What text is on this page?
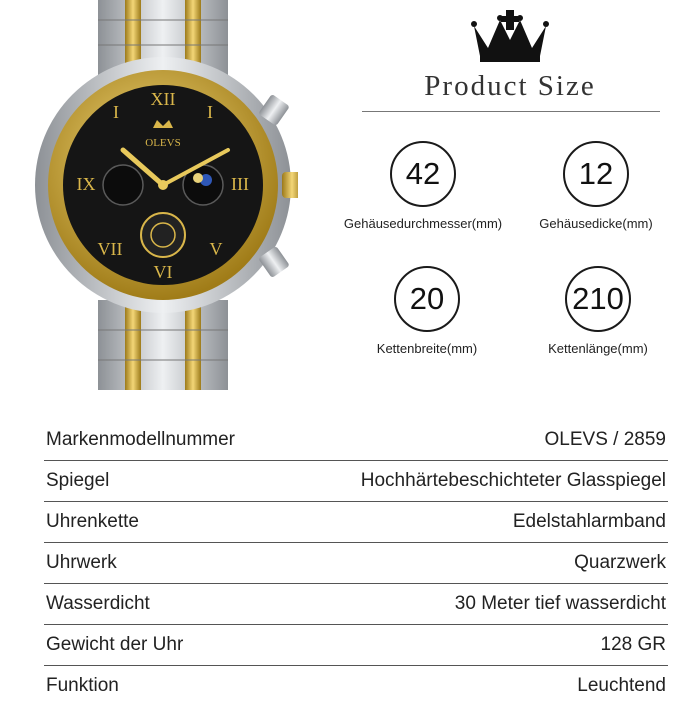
XII
I	I
IX	III
VI
VII	V
OLEVS
Product Size
42
Gehäusedurchmesser(mm)
12
Gehäusedicke(mm)
20
Kettenbreite(mm)
210
Kettenlänge(mm)
Markenmodellnummer	OLEVS / 2859
Spiegel	Hochhärtebeschichteter Glasspiegel
Uhrenkette	Edelstahlarmband
Uhrwerk	Quarzwerk
Wasserdicht	30 Meter tief wasserdicht
Gewicht der Uhr	128 GR
Funktion	Leuchtend
